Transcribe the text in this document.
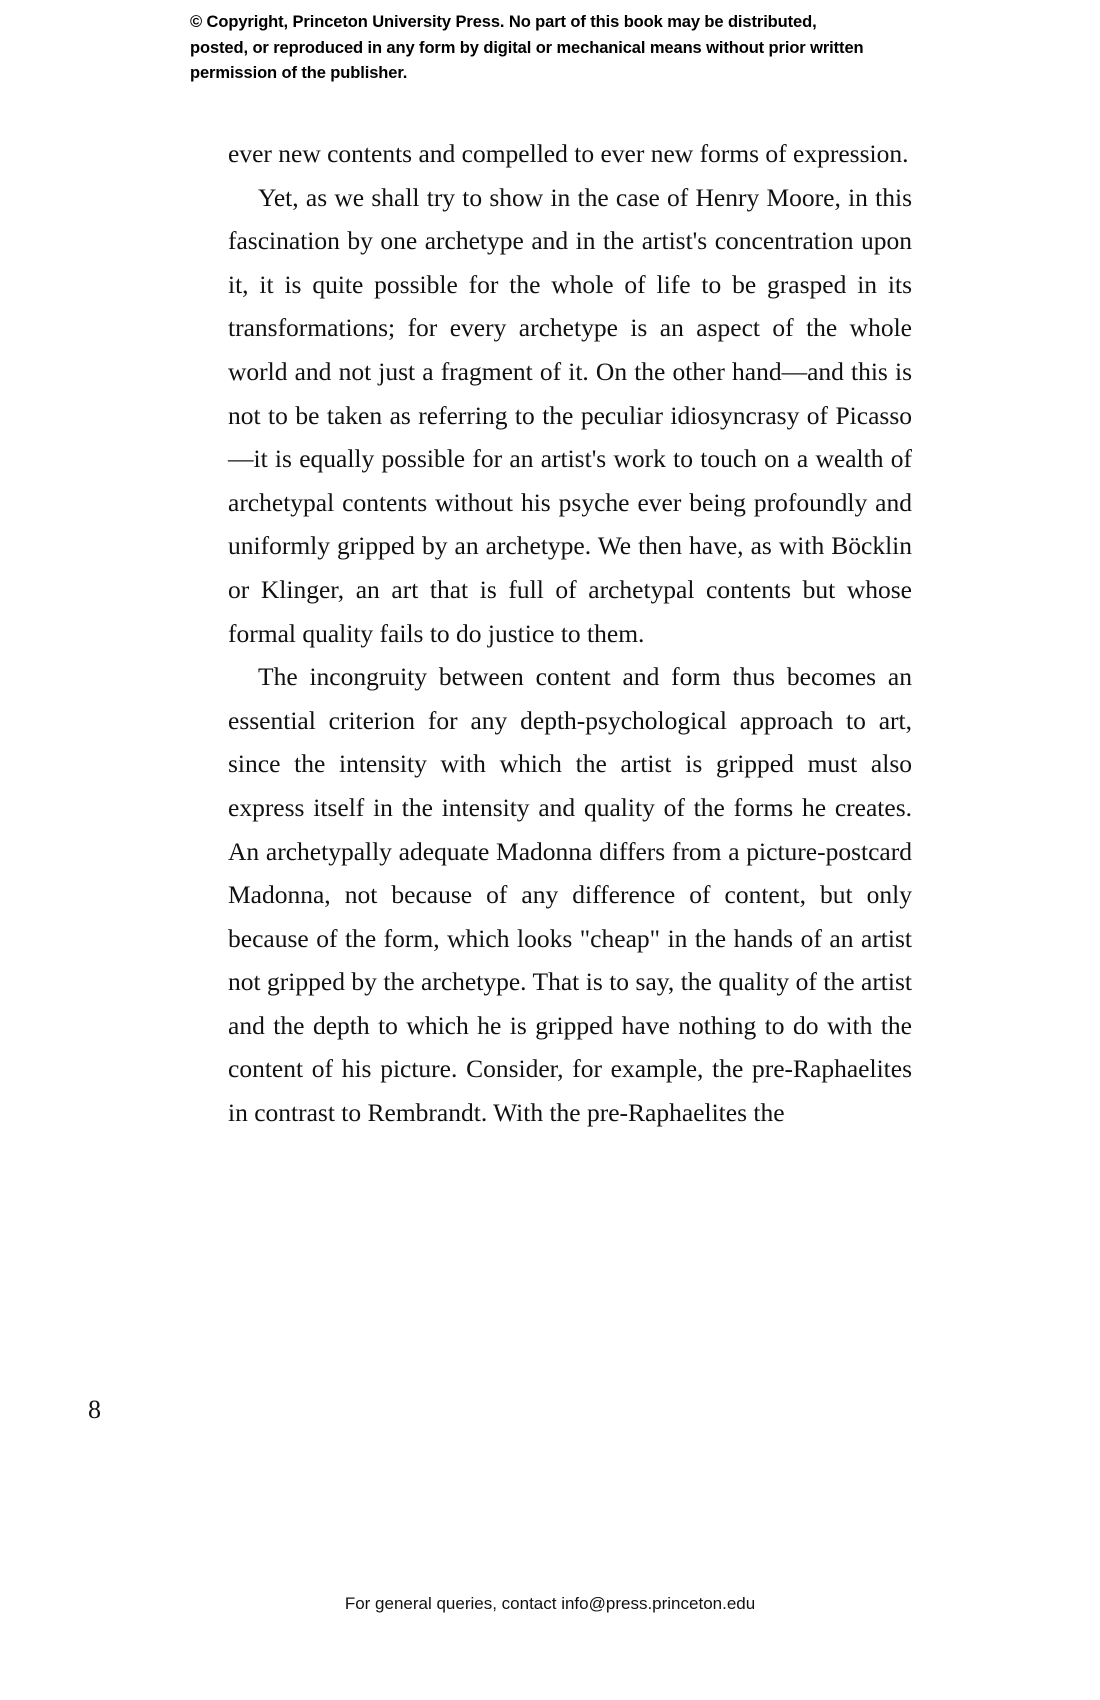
© Copyright, Princeton University Press. No part of this book may be distributed, posted, or reproduced in any form by digital or mechanical means without prior written permission of the publisher.

ever new contents and compelled to ever new forms of expression.

Yet, as we shall try to show in the case of Henry Moore, in this fascination by one archetype and in the artist's concentration upon it, it is quite possible for the whole of life to be grasped in its transformations; for every archetype is an aspect of the whole world and not just a fragment of it. On the other hand—and this is not to be taken as referring to the peculiar idiosyncrasy of Picasso—it is equally possible for an artist's work to touch on a wealth of archetypal contents without his psyche ever being profoundly and uniformly gripped by an archetype. We then have, as with Böcklin or Klinger, an art that is full of archetypal contents but whose formal quality fails to do justice to them.

The incongruity between content and form thus becomes an essential criterion for any depth-psychological approach to art, since the intensity with which the artist is gripped must also express itself in the intensity and quality of the forms he creates. An archetypally adequate Madonna differs from a picture-postcard Madonna, not because of any difference of content, but only because of the form, which looks "cheap" in the hands of an artist not gripped by the archetype. That is to say, the quality of the artist and the depth to which he is gripped have nothing to do with the content of his picture. Consider, for example, the pre-Raphaelites in contrast to Rembrandt. With the pre-Raphaelites the

8
For general queries, contact info@press.princeton.edu
